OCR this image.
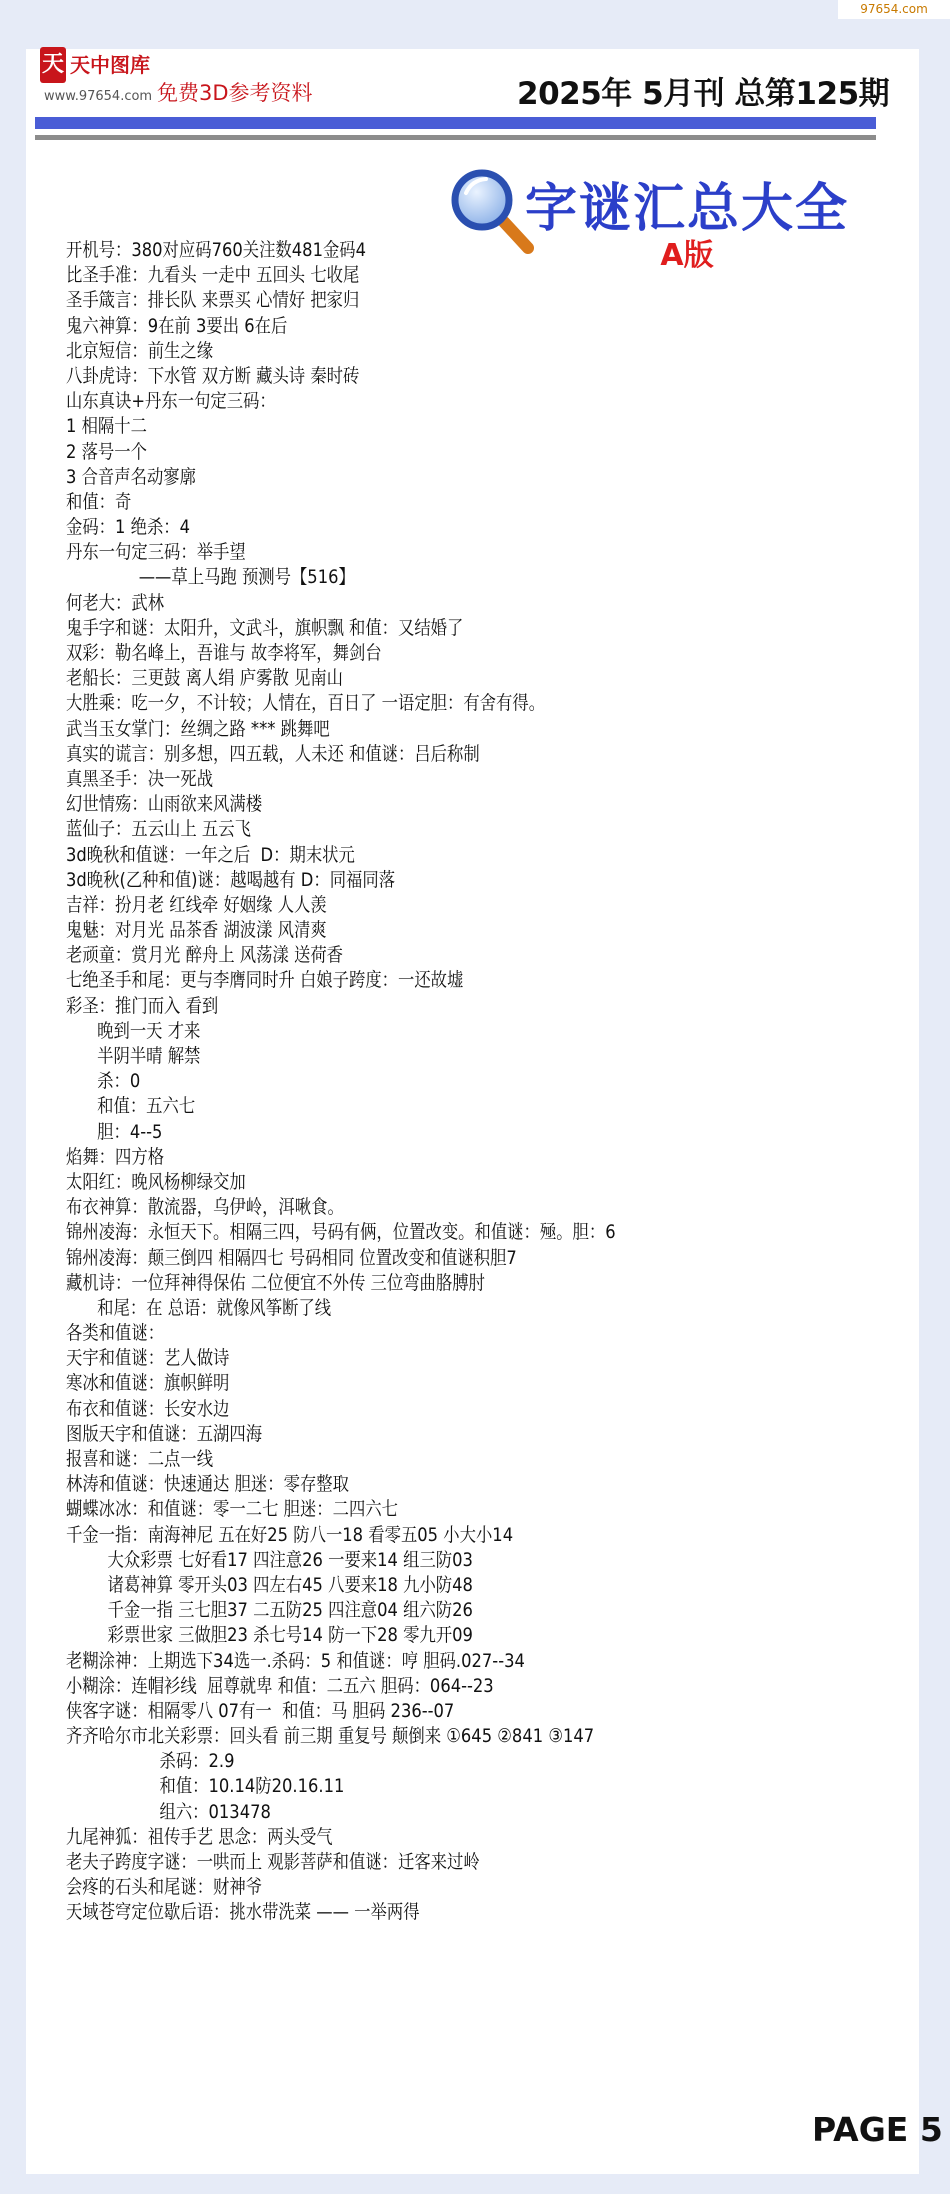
97654.com
天 天中图库
www.97654.com 免费3D参考资料	2025年 5月刊 总第125期
字谜汇总大全
A版
开机号：380对应码760关注数481金码4
比圣手准：九看头 一走中 五回头 七收尾
圣手箴言：排长队 来票买 心情好 把家归
鬼六神算：9在前 3要出 6在后
北京短信：前生之缘
八卦虎诗：下水管 双方断 藏头诗 秦时砖
山东真诀+丹东一句定三码：
1 相隔十二
2 落号一个
3 合音声名动寥廓
和值：奇
金码：1 绝杀：4
丹东一句定三码：举手望
——草上马跑 预测号【516】
何老大：武林
鬼手字和谜：太阳升，文武斗，旗帜飘 和值：又结婚了
双彩：勒名峰上，吾谁与 故李将军，舞剑台
老船长：三更鼓 离人绢 庐雾散 见南山
大胜乘：吃一夕，不计较；人情在，百日了 一语定胆：有舍有得。
武当玉女掌门：丝绸之路 *** 跳舞吧
真实的谎言：别多想，四五载，人未还 和值谜：吕后称制
真黑圣手：决一死战
幻世情殇：山雨欲来风满楼
蓝仙子：五云山上 五云飞
3d晚秋和值谜：一年之后  D：期末状元
3d晚秋(乙种和值)谜：越喝越有 D：同福同落
吉祥：扮月老 红线牵 好姻缘 人人羡
鬼魅：对月光 品茶香 湖波漾 风清爽
老顽童：赏月光 醉舟上 风荡漾 送荷香
七绝圣手和尾：更与李膺同时升 白娘子跨度：一还故墟
彩圣：推门而入 看到
晚到一天 才来
半阴半晴 解禁
杀：0
和值：五六七
胆：4--5
焰舞：四方格
太阳红：晚风杨柳绿交加
布衣神算：散流器，乌伊岭，洱啾食。
锦州凌海：永恒天下。相隔三四，号码有俩，位置改变。和值谜：殛。胆：6
锦州凌海：颠三倒四 相隔四七 号码相同 位置改变和值谜积胆7
藏机诗：一位拜神得保佑 二位便宜不外传 三位弯曲胳膊肘
和尾：在 总语：就像风筝断了线
各类和值谜：
天宇和值谜：艺人做诗
寒冰和值谜：旗帜鲜明
布衣和值谜：长安水边
图版天宇和值谜：五湖四海
报喜和谜：二点一线
林涛和值谜：快速通达 胆迷：零存整取
蝴蝶冰冰：和值谜：零一二七 胆迷：二四六七
千金一指：南海神尼 五在好25 防八一18 看零五05 小大小14
大众彩票 七好看17 四注意26 一要来14 组三防03
诸葛神算 零开头03 四左右45 八要来18 九小防48
千金一指 三七胆37 二五防25 四注意04 组六防26
彩票世家 三做胆23 杀七号14 防一下28 零九开09
老糊涂神：上期选下34选一.杀码：5 和值谜：哼 胆码.027--34
小糊涂：连帽衫线  屈尊就卑 和值：二五六 胆码：064--23
侠客字谜：相隔零八 07有一  和值：马 胆码 236--07
齐齐哈尔市北关彩票：回头看 前三期 重复号 颠倒来 ①645 ②841 ③147
杀码：2.9
和值：10.14防20.16.11
组六：013478
九尾神狐：祖传手艺 思念：两头受气
老夫子跨度字谜：一哄而上 观影菩萨和值谜：迁客来过岭
会疼的石头和尾谜：财神爷
天域苍穹定位歇后语：挑水带洗菜 —— 一举两得
PAGE 5
